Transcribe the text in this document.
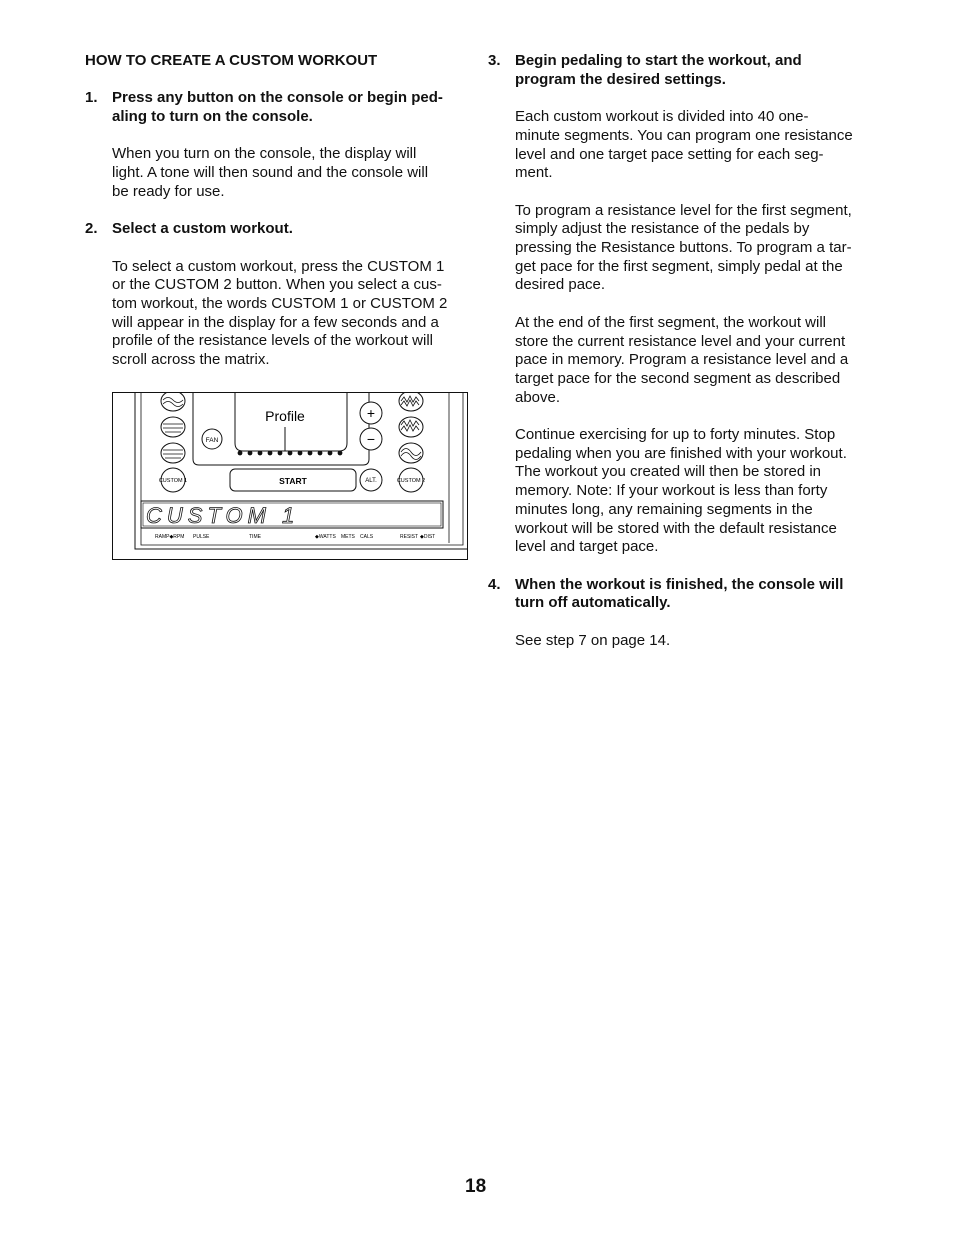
HOW TO CREATE A CUSTOM WORKOUT
1. Press any button on the console or begin ped-
aling to turn on the console.
When you turn on the console, the display will
light. A tone will then sound and the console will
be ready for use.
2. Select a custom workout.
To select a custom workout, press the CUSTOM 1
or the CUSTOM 2 button. When you select a cus-
tom workout, the words CUSTOM 1 or CUSTOM 2
will appear in the display for a few seconds and a
profile of the resistance levels of the workout will
scroll across the matrix.
FAN
Profile	+
−
CUSTOM 1	START	ALT.	CUSTOM 2
CUSTOM 1
RAMP◆RPM PULSE	TIME	◆WATTS METS CALS	RESIST ◆DIST
3. Begin pedaling to start the workout, and
program the desired settings.
Each custom workout is divided into 40 one-
minute segments. You can program one resistance
level and one target pace setting for each seg-
ment.
To program a resistance level for the first segment,
simply adjust the resistance of the pedals by
pressing the Resistance buttons. To program a tar-
get pace for the first segment, simply pedal at the
desired pace.
At the end of the first segment, the workout will
store the current resistance level and your current
pace in memory. Program a resistance level and a
target pace for the second segment as described
above.
Continue exercising for up to forty minutes. Stop
pedaling when you are finished with your workout.
The workout you created will then be stored in
memory. Note: If your workout is less than forty
minutes long, any remaining segments in the
workout will be stored with the default resistance
level and target pace.
4. When the workout is finished, the console will
turn off automatically.
See step 7 on page 14.
18
